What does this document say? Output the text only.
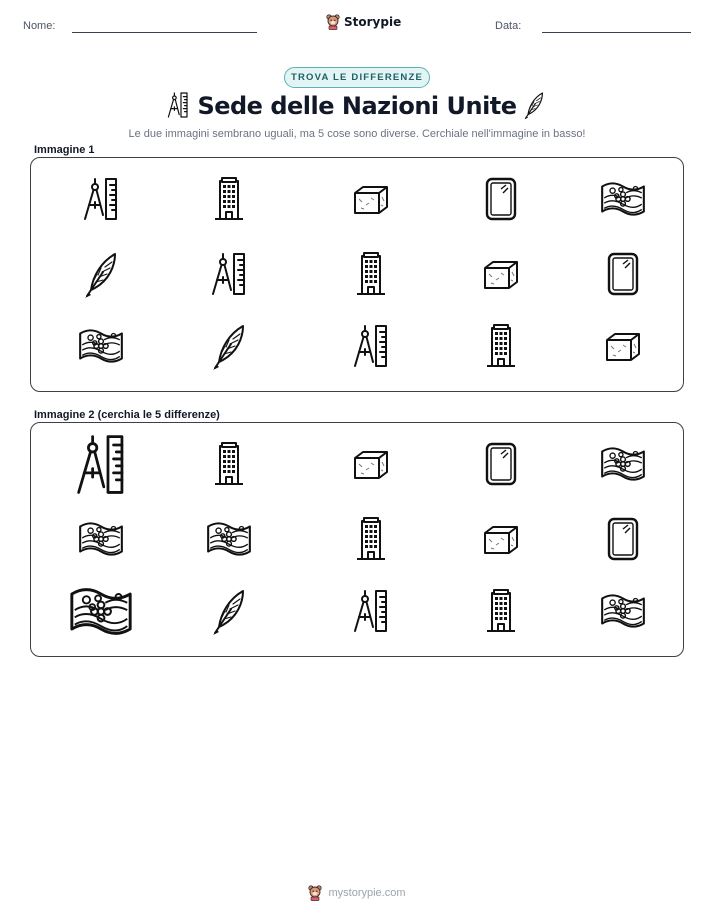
Nome:	Storypie	Data:
TROVA LE DIFFERENZE
Sede delle Nazioni Unite
Le due immagini sembrano uguali, ma 5 cose sono diverse. Cerchiale nell'immagine in basso!
Immagine 1
Immagine 2 (cerchia le 5 differenze)
mystorypie.com
